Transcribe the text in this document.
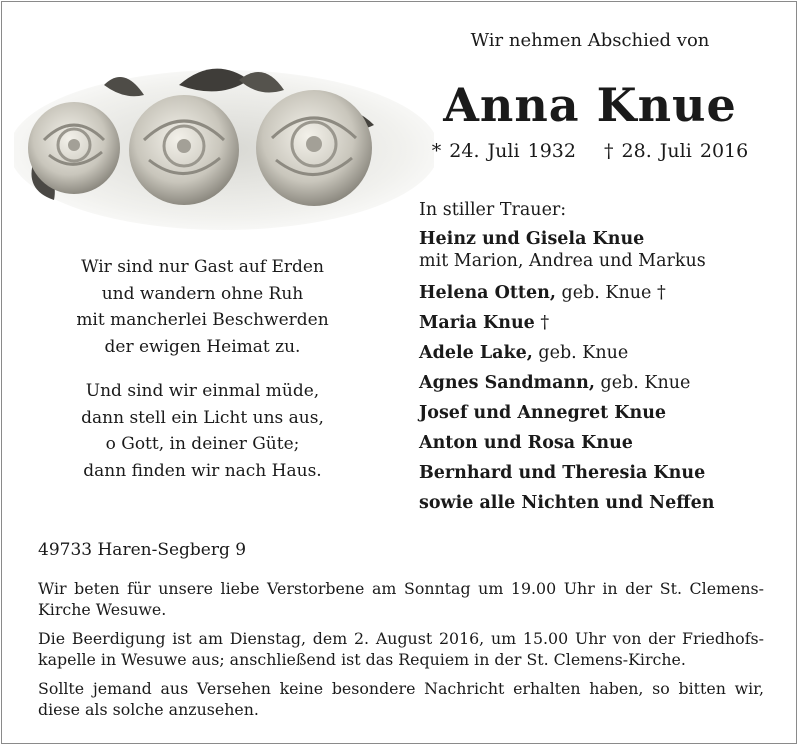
Wir nehmen Abschied von
Anna Knue
* 24. Juli 1932 † 28. Juli 2016
Wir sind nur Gast auf Erden
und wandern ohne Ruh
mit mancherlei Beschwerden
der ewigen Heimat zu.
Und sind wir einmal müde,
dann stell ein Licht uns aus,
o Gott, in deiner Güte;
dann finden wir nach Haus.
In stiller Trauer:
Heinz und Gisela Knue
mit Marion, Andrea und Markus
Helena Otten, geb. Knue †
Maria Knue †
Adele Lake, geb. Knue
Agnes Sandmann, geb. Knue
Josef und Annegret Knue
Anton und Rosa Knue
Bernhard und Theresia Knue
sowie alle Nichten und Neffen
49733 Haren-Segberg 9

Wir beten für unsere liebe Verstorbene am Sonntag um 19.00 Uhr in der St. Clemens-Kirche Wesuwe.

Die Beerdigung ist am Dienstag, dem 2. August 2016, um 15.00 Uhr von der Friedhofskapelle in Wesuwe aus; anschließend ist das Requiem in der St. Clemens-Kirche.

Sollte jemand aus Versehen keine besondere Nachricht erhalten haben, so bitten wir, diese als solche anzusehen.
